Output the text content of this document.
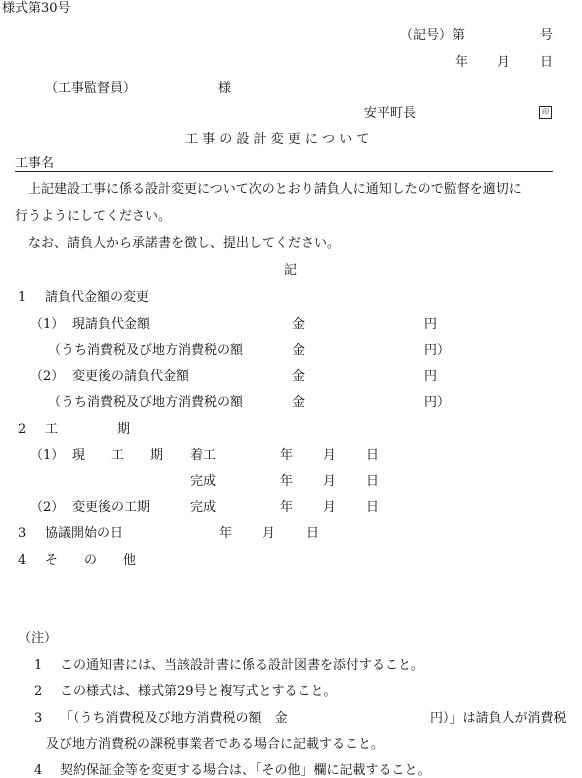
様式第30号
（記号）第	号
年 月 日
（工事監督員）	様
安平町長	印
工 事 の 設 計 変 更 に つ い て
工事名
上記建設工事に係る設計変更について次のとおり請負人に通知したので監督を適切に
行うようにしてください。
なお、請負人から承諾書を徴し、提出してください。
記
1 請負代金額の変更
（1） 現請負代金額	金	円
（うち消費税及び地方消費税の額	金	円）
（2） 変更後の請負代金額	金	円
（うち消費税及び地方消費税の額	金	円）
2 工	期
（1） 現　　工　　期 着工	年 月 日
完成	年 月 日
（2） 変更後の工期	完成	年 月 日
3 協議開始の日	年 月 日
4 そ　　の　　他
（注）
1 この通知書には、当該設計書に係る設計図書を添付すること。
2 この様式は、様式第29号と複写式とすること。
3 「（うち消費税及び地方消費税の額　金	円）」は請負人が消費税
及び地方消費税の課税事業者である場合に記載すること。
4 契約保証金等を変更する場合は、「その他」欄に記載すること。
